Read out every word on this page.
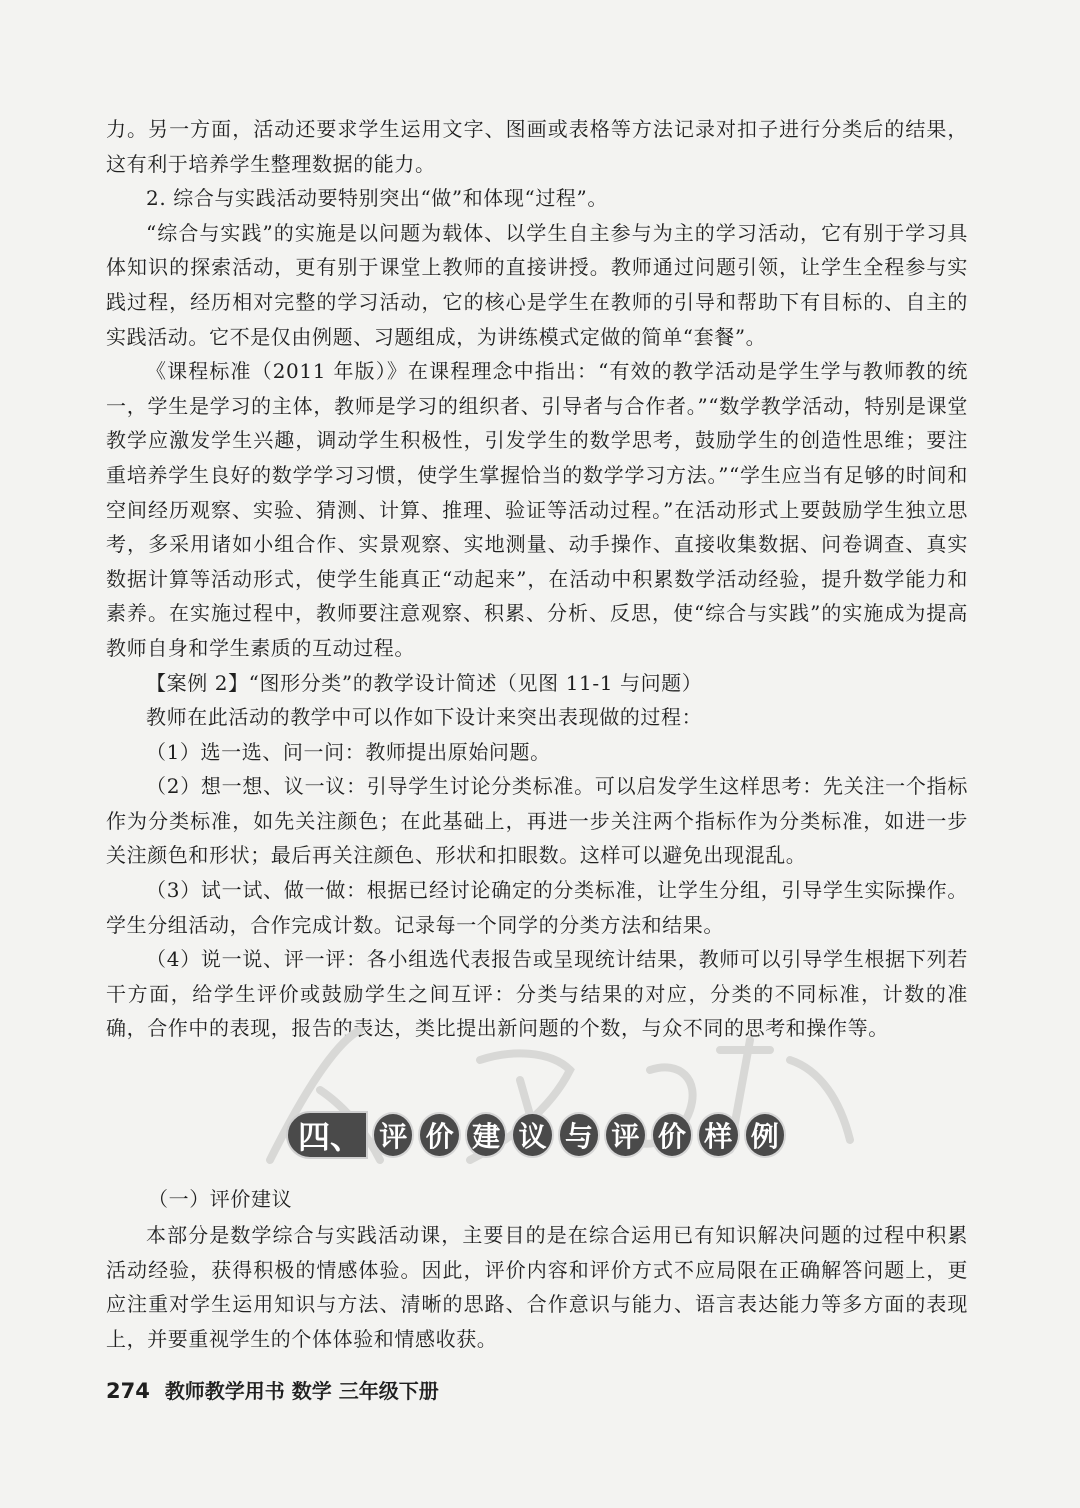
力。另一方面，活动还要求学生运用文字、图画或表格等方法记录对扣子进行分类后的结果，这有利于培养学生整理数据的能力。

2. 综合与实践活动要特别突出“做”和体现“过程”。

“综合与实践”的实施是以问题为载体、以学生自主参与为主的学习活动，它有别于学习具体知识的探索活动，更有别于课堂上教师的直接讲授。教师通过问题引领，让学生全程参与实践过程，经历相对完整的学习活动，它的核心是学生在教师的引导和帮助下有目标的、自主的实践活动。它不是仅由例题、习题组成，为讲练模式定做的简单“套餐”。

《课程标准（2011 年版）》在课程理念中指出：“有效的教学活动是学生学与教师教的统一，学生是学习的主体，教师是学习的组织者、引导者与合作者。”“数学教学活动，特别是课堂教学应激发学生兴趣，调动学生积极性，引发学生的数学思考，鼓励学生的创造性思维；要注重培养学生良好的数学学习习惯，使学生掌握恰当的数学学习方法。”“学生应当有足够的时间和空间经历观察、实验、猜测、计算、推理、验证等活动过程。”在活动形式上要鼓励学生独立思考，多采用诸如小组合作、实景观察、实地测量、动手操作、直接收集数据、问卷调查、真实数据计算等活动形式，使学生能真正“动起来”，在活动中积累数学活动经验，提升数学能力和素养。在实施过程中，教师要注意观察、积累、分析、反思，使“综合与实践”的实施成为提高教师自身和学生素质的互动过程。

【案例 2】“图形分类”的教学设计简述（见图 11-1 与问题）

教师在此活动的教学中可以作如下设计来突出表现做的过程：

（1）选一选、问一问：教师提出原始问题。

（2）想一想、议一议：引导学生讨论分类标准。可以启发学生这样思考：先关注一个指标作为分类标准，如先关注颜色；在此基础上，再进一步关注两个指标作为分类标准，如进一步关注颜色和形状；最后再关注颜色、形状和扣眼数。这样可以避免出现混乱。

（3）试一试、做一做：根据已经讨论确定的分类标准，让学生分组，引导学生实际操作。学生分组活动，合作完成计数。记录每一个同学的分类方法和结果。

（4）说一说、评一评：各小组选代表报告或呈现统计结果，教师可以引导学生根据下列若干方面，给学生评价或鼓励学生之间互评：分类与结果的对应，分类的不同标准，计数的准确，合作中的表现，报告的表达，类比提出新问题的个数，与众不同的思考和操作等。

四、 评 价 建 议 与 评 价 样 例
（一）评价建议

本部分是数学综合与实践活动课，主要目的是在综合运用已有知识解决问题的过程中积累活动经验，获得积极的情感体验。因此，评价内容和评价方式不应局限在正确解答问题上，更应注重对学生运用知识与方法、清晰的思路、合作意识与能力、语言表达能力等多方面的表现上，并要重视学生的个体体验和情感收获。

274 教师教学用书 数学 三年级下册
